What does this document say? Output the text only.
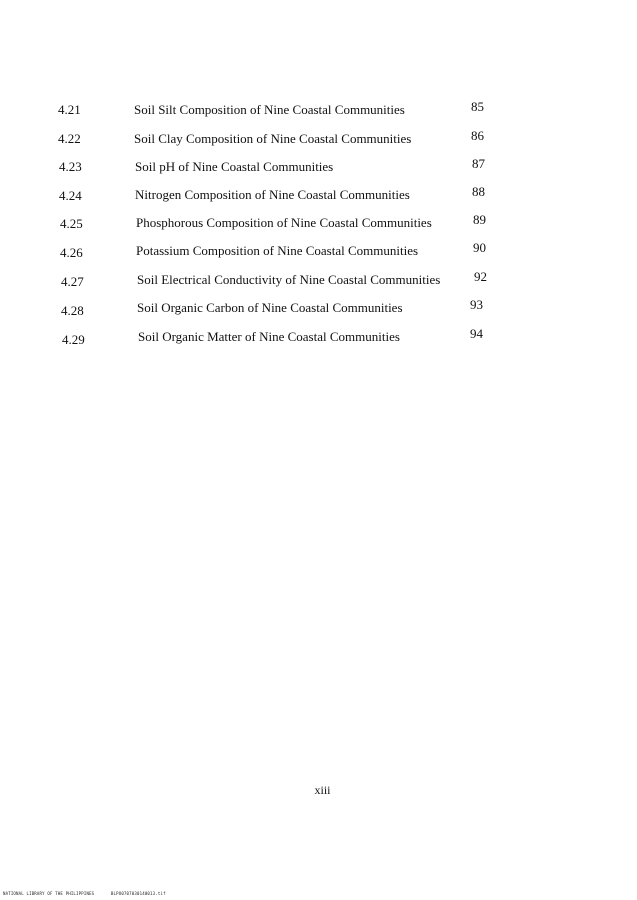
4.21	Soil Silt Composition of Nine Coastal Communities	85
4.22	Soil Clay Composition of Nine Coastal Communities	86
4.23	Soil pH of Nine Coastal Communities	87
4.24	Nitrogen Composition of Nine Coastal Communities	88
4.25	Phosphorous Composition of Nine Coastal Communities	89
4.26	Potassium Composition of Nine Coastal Communities	90
4.27	Soil Electrical Conductivity of Nine Coastal Communities	92
4.28	Soil Organic Carbon of Nine Coastal Communities	93
4.29	Soil Organic Matter of Nine Coastal Communities	94
xiii
NATIONAL LIBRARY OF THE PHILIPPINES	BLPO0707030140013.tif
